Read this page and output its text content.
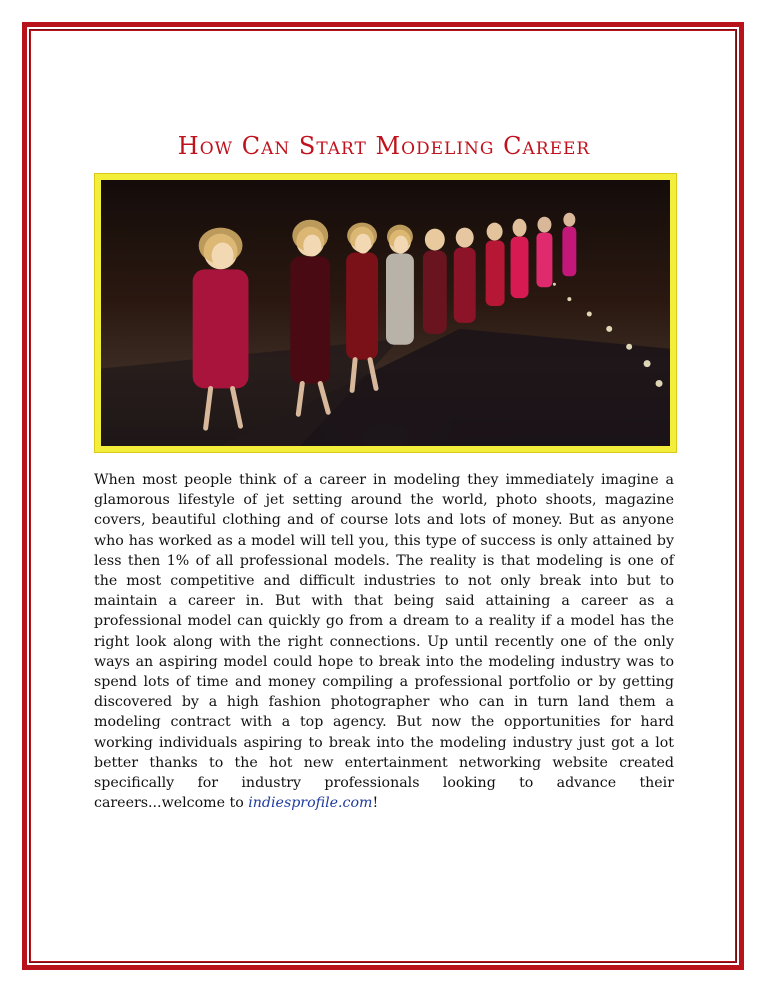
How Can Start Modeling Career

When most people think of a career in modeling they immediately imagine a glamorous lifestyle of jet setting around the world, photo shoots, magazine covers, beautiful clothing and of course lots and lots of money. But as anyone who has worked as a model will tell you, this type of success is only attained by less then 1% of all professional models. The reality is that modeling is one of the most competitive and difficult industries to not only break into but to maintain a career in. But with that being said attaining a career as a professional model can quickly go from a dream to a reality if a model has the right look along with the right connections. Up until recently one of the only ways an aspiring model could hope to break into the modeling industry was to spend lots of time and money compiling a professional portfolio or by getting discovered by a high fashion photographer who can in turn land them a modeling contract with a top agency. But now the opportunities for hard working individuals aspiring to break into the modeling industry just got a lot better thanks to the hot new entertainment networking website created specifically for industry professionals looking to advance their careers...welcome to indiesprofile.com!
